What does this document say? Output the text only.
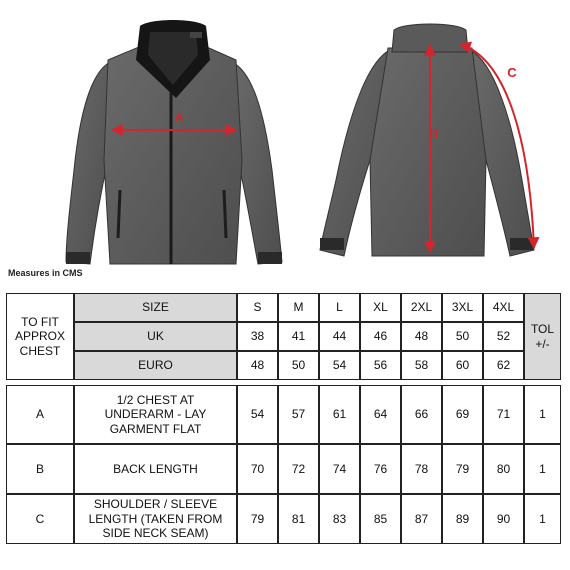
A
B
C
Measures in CMS
TO FIT APPROX CHEST	SIZE	S	M	L	XL	2XL	3XL	4XL	TOL +/-
	UK	38	41	44	46	48	50	52	
	EURO	48	50	54	56	58	60	62	

A	1/2 CHEST AT UNDERARM - LAY GARMENT FLAT	54	57	61	64	66	69	71	1
B	BACK LENGTH	70	72	74	76	78	79	80	1
C	SHOULDER / SLEEVE LENGTH (TAKEN FROM SIDE NECK SEAM)	79	81	83	85	87	89	90	1
